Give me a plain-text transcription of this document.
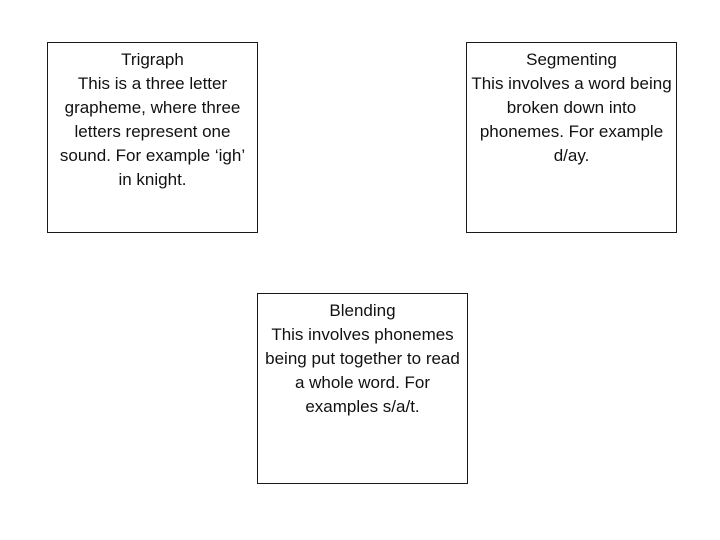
Trigraph
This is a three letter grapheme, where three letters represent one sound. For example ‘igh’ in knight.
Segmenting
This involves a word being broken down into phonemes. For example d/ay.
Blending
This involves phonemes being put together to read a whole word. For examples s/a/t.
